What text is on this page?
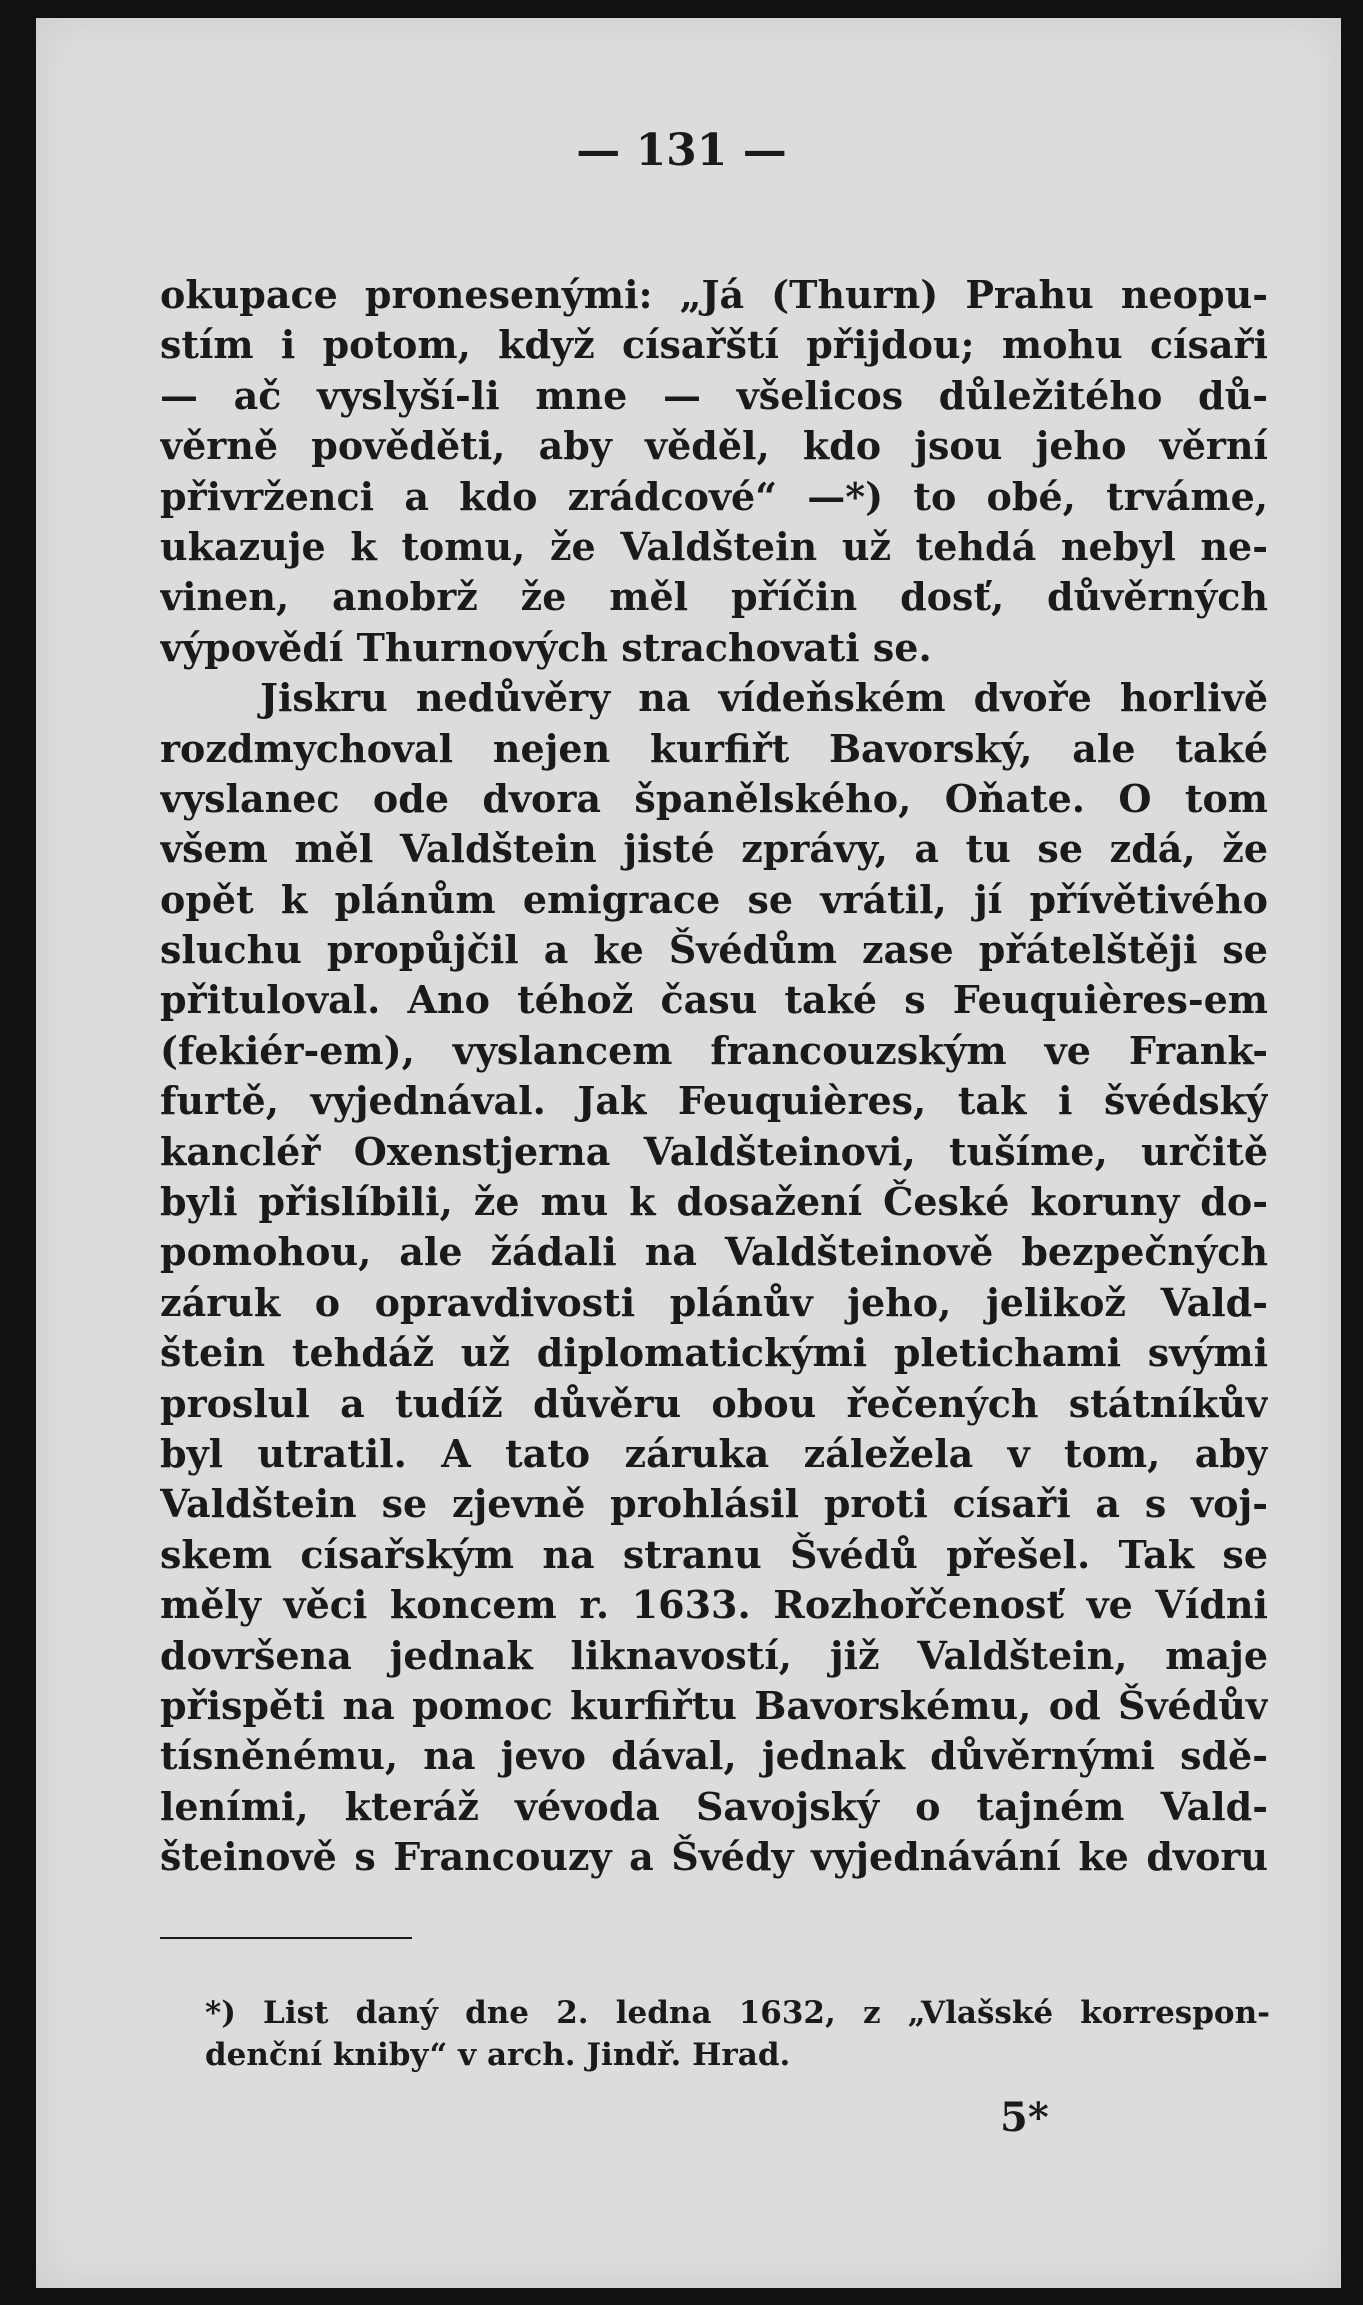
— 131 —
okupace pronesenými: „Já (Thurn) Prahu neopu-
stím i potom, když císařští přijdou; mohu císaři
— ač vyslyší-li mne — všelicos důležitého dů-
věrně pověděti, aby věděl, kdo jsou jeho věrní
přivrženci a kdo zrádcové“ —*) to obé, trváme,
ukazuje k tomu, že Valdštein už tehdá nebyl ne-
vinen, anobrž že měl příčin dosť, důvěrných
výpovědí Thurnových strachovati se.
Jiskru nedůvěry na vídeňském dvoře horlivě
rozdmychoval nejen kurfiřt Bavorský, ale také
vyslanec ode dvora španělského, Oňate. O tom
všem měl Valdštein jisté zprávy, a tu se zdá, že
opět k plánům emigrace se vrátil, jí přívětivého
sluchu propůjčil a ke Švédům zase přátelštěji se
přituloval. Ano téhož času také s Feuquières-em
(fekiér-em), vyslancem francouzským ve Frank-
furtě, vyjednával. Jak Feuquières, tak i švédský
kancléř Oxenstjerna Valdšteinovi, tušíme, určitě
byli přislíbili, že mu k dosažení České koruny do-
pomohou, ale žádali na Valdšteinově bezpečných
záruk o opravdivosti plánův jeho, jelikož Vald-
štein tehdáž už diplomatickými pletichami svými
proslul a tudíž důvěru obou řečených státníkův
byl utratil. A tato záruka záležela v tom, aby
Valdštein se zjevně prohlásil proti císaři a s voj-
skem císařským na stranu Švédů přešel. Tak se
měly věci koncem r. 1633. Rozhořčenosť ve Vídni
dovršena jednak liknavostí, již Valdštein, maje
přispěti na pomoc kurfiřtu Bavorskému, od Švédův
tísněnému, na jevo dával, jednak důvěrnými sdě-
leními, kteráž vévoda Savojský o tajném Vald-
šteinově s Francouzy a Švédy vyjednávání ke dvoru
*) List daný dne 2. ledna 1632, z „Vlašské korrespon-
denční kniby“ v arch. Jindř. Hrad.
5*
